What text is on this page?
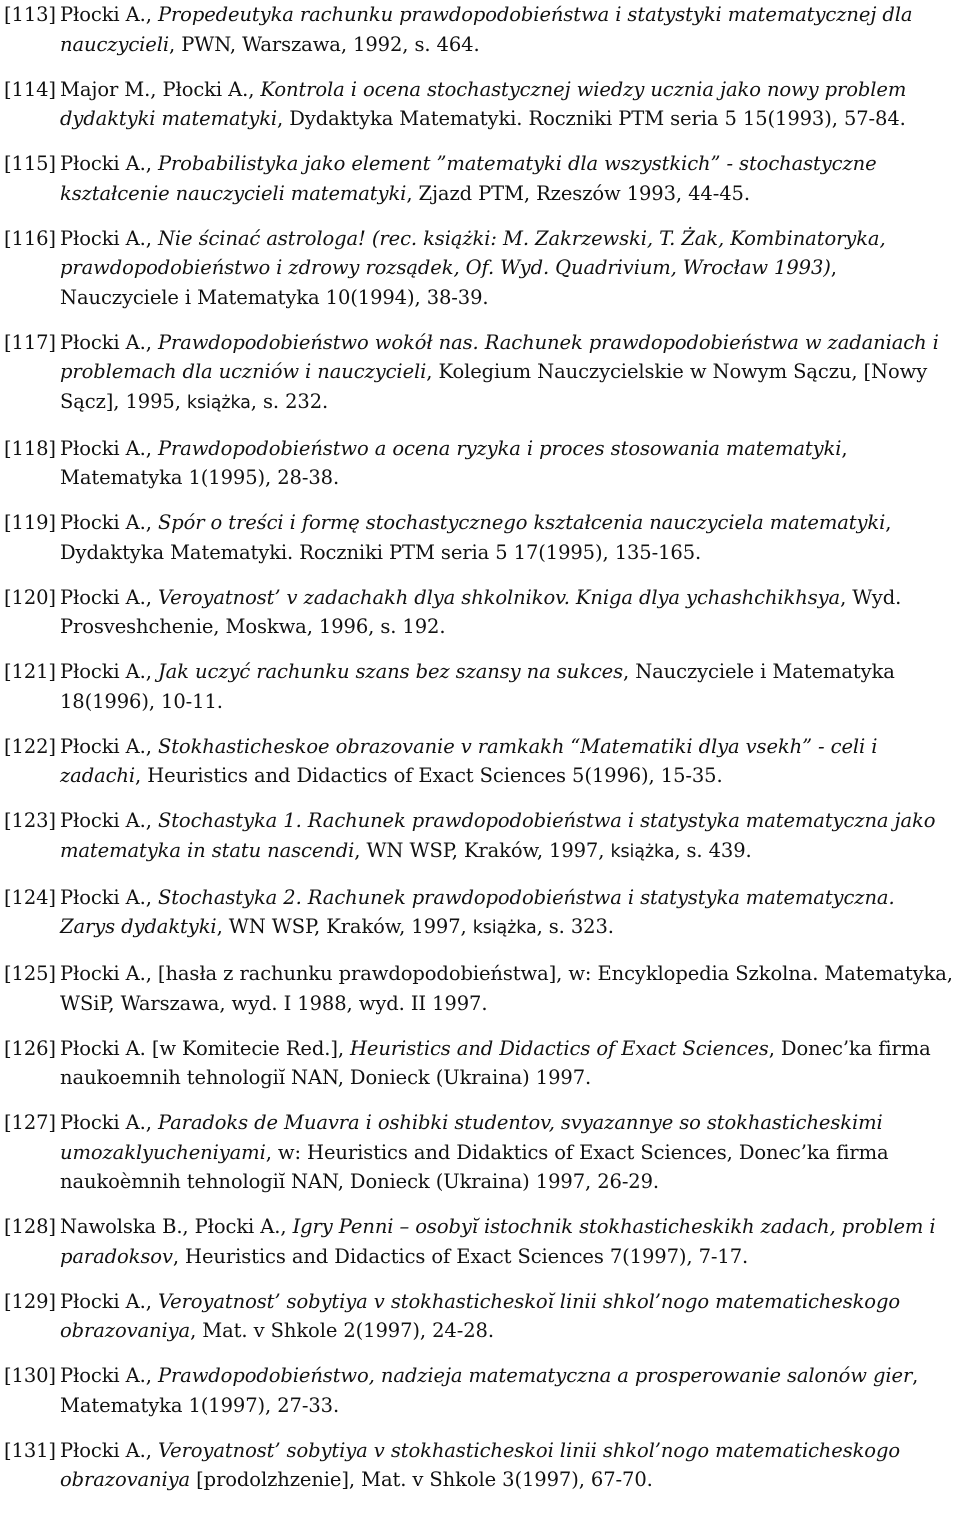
[113] Płocki A., Propedeutyka rachunku prawdopodobieństwa i statystyki matematycznej dla nauczycieli, PWN, Warszawa, 1992, s. 464.
[114] Major M., Płocki A., Kontrola i ocena stochastycznej wiedzy ucznia jako nowy problem dydaktyki matematyki, Dydaktyka Matematyki. Roczniki PTM seria 5 15(1993), 57-84.
[115] Płocki A., Probabilistyka jako element ”matematyki dla wszystkich” - stochastyczne kształcenie nauczycieli matematyki, Zjazd PTM, Rzeszów 1993, 44-45.
[116] Płocki A., Nie ścinać astrologa! (rec. książki: M. Zakrzewski, T. Żak, Kombinatoryka, prawdopodobieństwo i zdrowy rozsądek, Of. Wyd. Quadrivium, Wrocław 1993), Nauczyciele i Matematyka 10(1994), 38-39.
[117] Płocki A., Prawdopodobieństwo wokół nas. Rachunek prawdopodobieństwa w zadaniach i problemach dla uczniów i nauczycieli, Kolegium Nauczycielskie w Nowym Sączu, [Nowy Sącz], 1995, książka, s. 232.
[118] Płocki A., Prawdopodobieństwo a ocena ryzyka i proces stosowania matematyki, Matematyka 1(1995), 28-38.
[119] Płocki A., Spór o treści i formę stochastycznego kształcenia nauczyciela matematyki, Dydaktyka Matematyki. Roczniki PTM seria 5 17(1995), 135-165.
[120] Płocki A., Veroyatnost’ v zadachakh dlya shkolnikov. Kniga dlya ychashchikhsya, Wyd. Prosveshchenie, Moskwa, 1996, s. 192.
[121] Płocki A., Jak uczyć rachunku szans bez szansy na sukces, Nauczyciele i Matematyka 18(1996), 10-11.
[122] Płocki A., Stokhasticheskoe obrazovanie v ramkakh “Matematiki dlya vsekh” - celi i zadachi, Heuristics and Didactics of Exact Sciences 5(1996), 15-35.
[123] Płocki A., Stochastyka 1. Rachunek prawdopodobieństwa i statystyka matematyczna jako matematyka in statu nascendi, WN WSP, Kraków, 1997, książka, s. 439.
[124] Płocki A., Stochastyka 2. Rachunek prawdopodobieństwa i statystyka matematyczna. Zarys dydaktyki, WN WSP, Kraków, 1997, książka, s. 323.
[125] Płocki A., [hasła z rachunku prawdopodobieństwa], w: Encyklopedia Szkolna. Matematyka, WSiP, Warszawa, wyd. I 1988, wyd. II 1997.
[126] Płocki A. [w Komitecie Red.], Heuristics and Didactics of Exact Sciences, Donec’ka firma naukoemnih tehnologiı̆ NAN, Donieck (Ukraina) 1997.
[127] Płocki A., Paradoks de Muavra i oshibki studentov, svyazannye so stokhasticheskimi umozaklyucheniyami, w: Heuristics and Didaktics of Exact Sciences, Donec’ka firma naukoèmnih tehnologiı̆ NAN, Donieck (Ukraina) 1997, 26-29.
[128] Nawolska B., Płocki A., Igry Penni – osobyı̆ istochnik stokhasticheskikh zadach, problem i paradoksov, Heuristics and Didactics of Exact Sciences 7(1997), 7-17.
[129] Płocki A., Veroyatnost’ sobytiya v stokhasticheskoĭ linii shkol’nogo matematicheskogo obrazovaniya, Mat. v Shkole 2(1997), 24-28.
[130] Płocki A., Prawdopodobieństwo, nadzieja matematyczna a prosperowanie salonów gier, Matematyka 1(1997), 27-33.
[131] Płocki A., Veroyatnost’ sobytiya v stokhasticheskoi linii shkol’nogo matematicheskogo obrazovaniya [prodolzhzenie], Mat. v Shkole 3(1997), 67-70.
